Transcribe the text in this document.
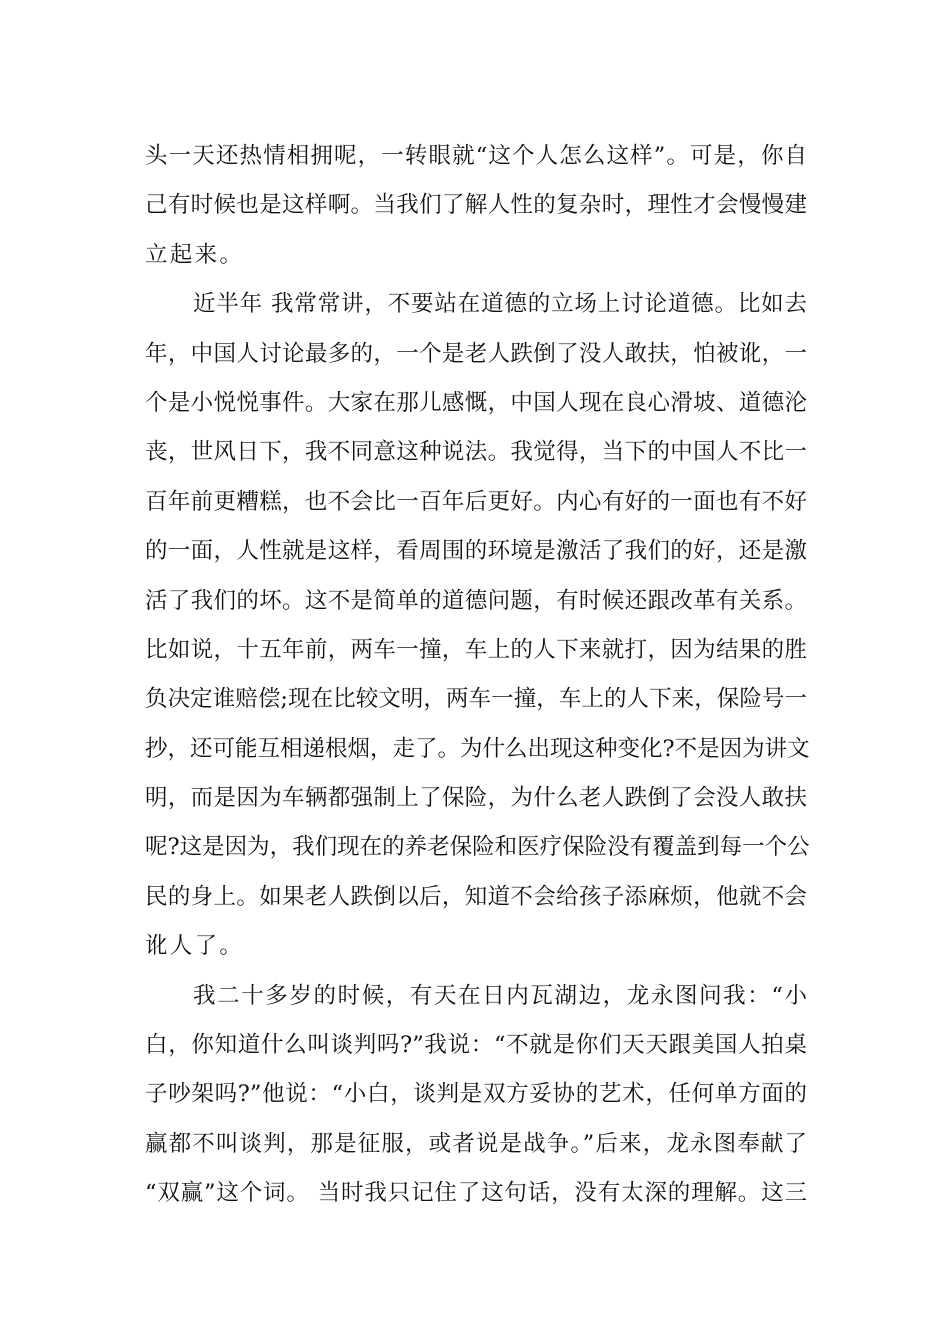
头一天还热情相拥呢，一转眼就“这个人怎么这样”。可是，你自
己有时候也是这样啊。当我们了解人性的复杂时，理性才会慢慢建
立起来。
近半年 我常常讲，不要站在道德的立场上讨论道德。比如去
年，中国人讨论最多的，一个是老人跌倒了没人敢扶，怕被讹，一
个是小悦悦事件。大家在那儿感慨，中国人现在良心滑坡、道德沦
丧，世风日下，我不同意这种说法。我觉得，当下的中国人不比一
百年前更糟糕，也不会比一百年后更好。内心有好的一面也有不好
的一面，人性就是这样，看周围的环境是激活了我们的好，还是激
活了我们的坏。这不是简单的道德问题，有时候还跟改革有关系。
比如说，十五年前，两车一撞，车上的人下来就打，因为结果的胜
负决定谁赔偿;现在比较文明，两车一撞，车上的人下来，保险号一
抄，还可能互相递根烟，走了。为什么出现这种变化?不是因为讲文
明，而是因为车辆都强制上了保险，为什么老人跌倒了会没人敢扶
呢?这是因为，我们现在的养老保险和医疗保险没有覆盖到每一个公
民的身上。如果老人跌倒以后，知道不会给孩子添麻烦，他就不会
讹人了。
我二十多岁的时候，有天在日内瓦湖边，龙永图问我：“小
白，你知道什么叫谈判吗?”我说：“不就是你们天天跟美国人拍桌
子吵架吗?”他说：“小白，谈判是双方妥协的艺术，任何单方面的
赢都不叫谈判，那是征服，或者说是战争。”后来，龙永图奉献了
“双赢”这个词。 当时我只记住了这句话，没有太深的理解。这三
